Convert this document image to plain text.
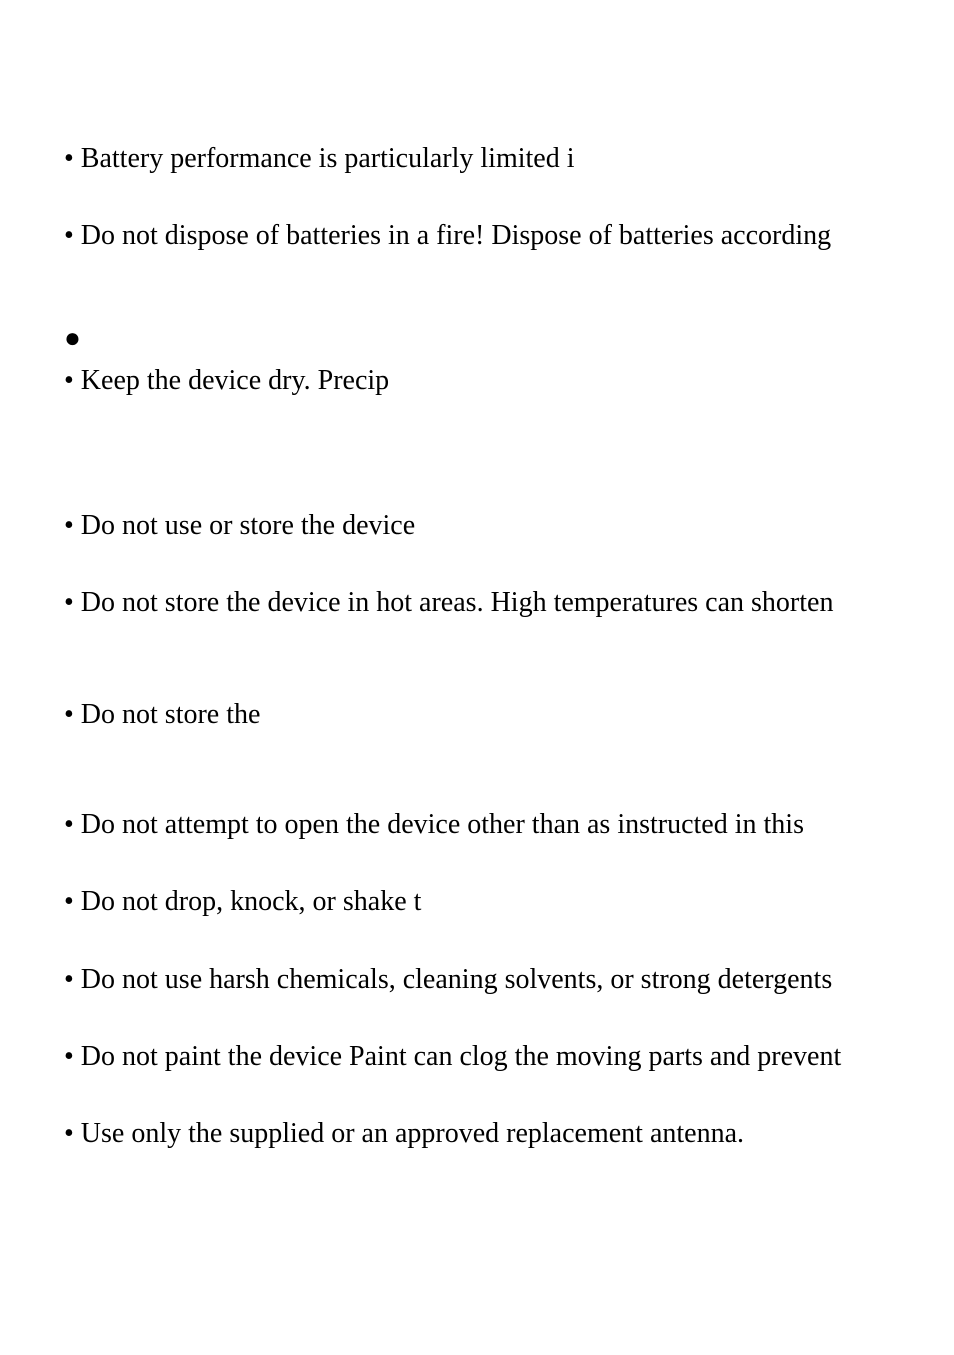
• Battery performance is particularly limited i
• Do not dispose of batteries in a fire! Dispose of batteries according
●
• Keep the device dry. Precip
• Do not use or store the device
• Do not store the device in hot areas. High temperatures can shorten
• Do not store the
• Do not attempt to open the device other than as instructed in this
• Do not drop, knock, or shake t
• Do not use harsh chemicals, cleaning solvents, or strong detergents
• Do not paint the device Paint can clog the moving parts and prevent
• Use only the supplied or an approved replacement antenna.
